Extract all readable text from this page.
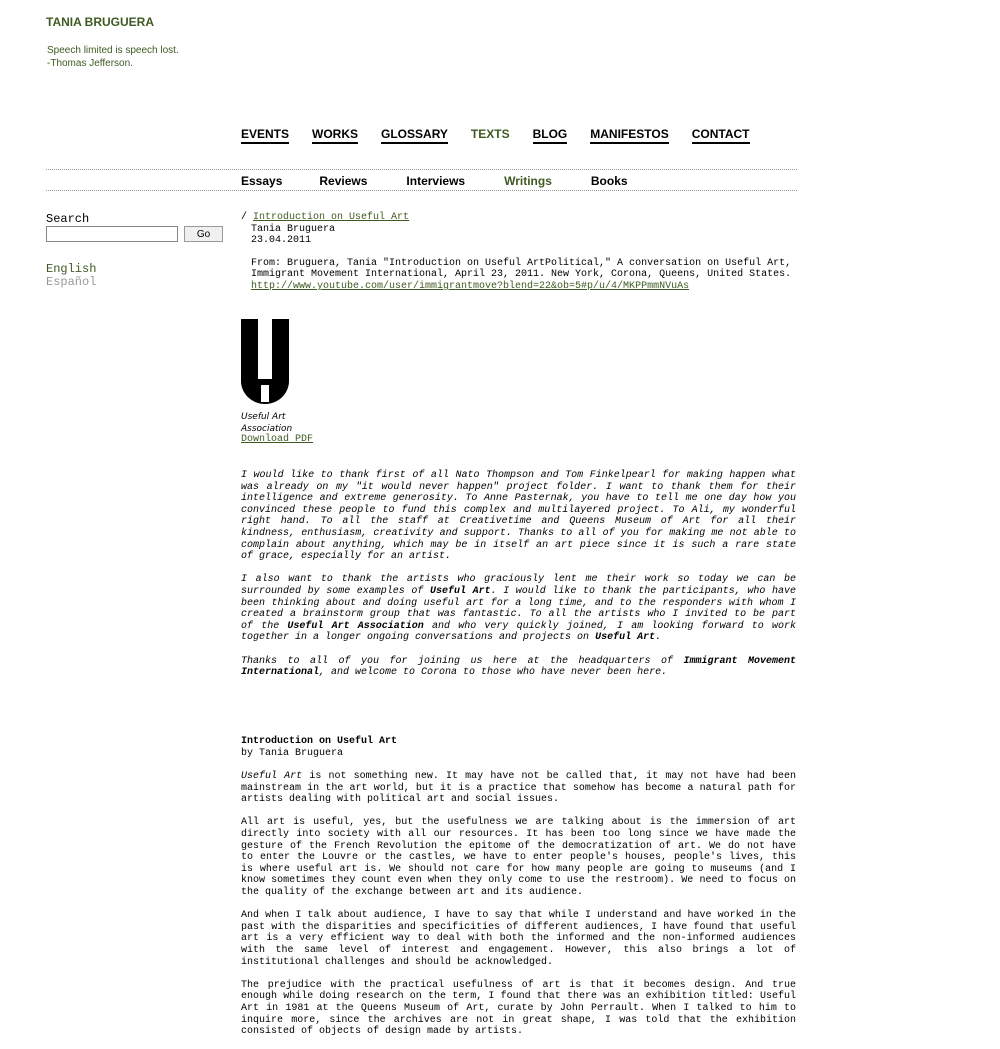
TANIA BRUGUERA
Speech limited is speech lost.
-Thomas Jefferson.
EVENTS WORKS GLOSSARY TEXTS BLOG MANIFESTOS CONTACT
Essays	Reviews	Interviews	Writings	Books
Search
Go
English
Español
/ Introduction on Useful Art
Tania Bruguera
23.04.2011
From: Bruguera, Tania "Introduction on Useful ArtPolitical," A conversation on Useful Art,
Immigrant Movement International, April 23, 2011. New York, Corona, Queens, United States.
http://www.youtube.com/user/immigrantmove?blend=22&ob=5#p/u/4/MKPPmmNVuAs
Useful Art
Association
Download PDF

I would like to thank first of all Nato Thompson and Tom Finkelpearl for making happen what was already on my "it would never happen" project folder. I want to thank them for their intelligence and extreme generosity. To Anne Pasternak, you have to tell me one day how you convinced these people to fund this complex and multilayered project. To Ali, my wonderful right hand. To all the staff at Creativetime and Queens Museum of Art for all their kindness, enthusiasm, creativity and support. Thanks to all of you for making me not able to complain about anything, which may be in itself an art piece since it is such a rare state of grace, especially for an artist.

I also want to thank the artists who graciously lent me their work so today we can be surrounded by some examples of Useful Art. I would like to thank the participants, who have been thinking about and doing useful art for a long time, and to the responders with whom I created a brainstorm group that was fantastic. To all the artists who I invited to be part of the Useful Art Association and who very quickly joined, I am looking forward to work together in a longer ongoing conversations and projects on Useful Art.

Thanks to all of you for joining us here at the headquarters of Immigrant Movement International, and welcome to Corona to those who have never been here.

Introduction on Useful Art
by Tania Bruguera

Useful Art is not something new. It may have not be called that, it may not have had been mainstream in the art world, but it is a practice that somehow has become a natural path for artists dealing with political art and social issues.

All art is useful, yes, but the usefulness we are talking about is the immersion of art directly into society with all our resources. It has been too long since we have made the gesture of the French Revolution the epitome of the democratization of art. We do not have to enter the Louvre or the castles, we have to enter people's houses, people's lives, this is where useful art is. We should not care for how many people are going to museums (and I know sometimes they count even when they only come to use the restroom). We need to focus on the quality of the exchange between art and its audience.

And when I talk about audience, I have to say that while I understand and have worked in the past with the disparities and specificities of different audiences, I have found that useful art is a very efficient way to deal with both the informed and the non-informed audiences with the same level of interest and engagement. However, this also brings a lot of institutional challenges and should be acknowledged.

The prejudice with the practical usefulness of art is that it becomes design. And true enough while doing research on the term, I found that there was an exhibition titled: Useful Art in 1981 at the Queens Museum of Art, curate by John Perrault. When I talked to him to inquire more, since the archives are not in great shape, I was told that the exhibition consisted of objects of design made by artists.
